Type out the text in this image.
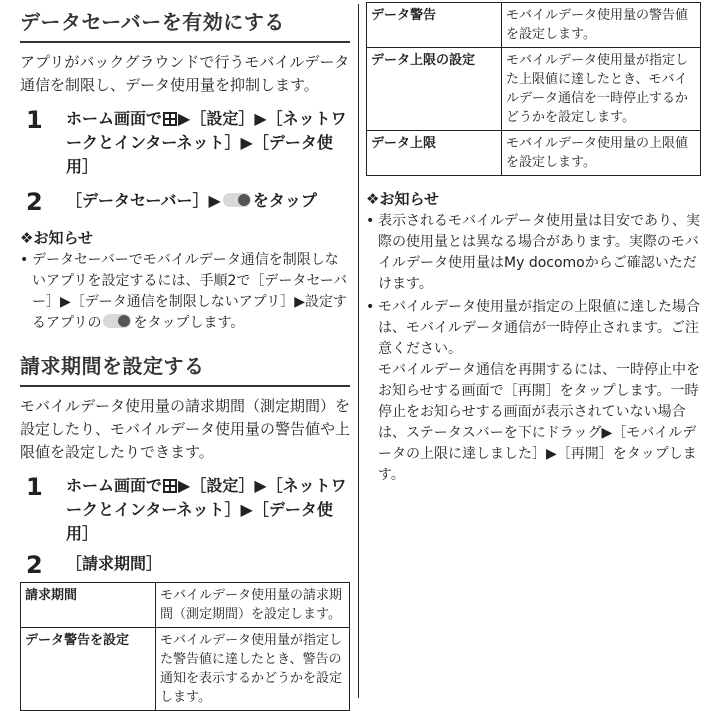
データセーバーを有効にする
アプリがバックグラウンドで行うモバイルデータ通信を制限し、データ使用量を抑制します。
1	ホーム画面で ▶［設定］▶［ネットワークとインターネット］▶［データ使用］
2	［データセーバー］▶ をタップ
❖お知らせ
• データセーバーでモバイルデータ通信を制限しないアプリを設定するには、手順2で［データセーバー］▶［データ通信を制限しないアプリ］▶設定するアプリの をタップします。
請求期間を設定する
モバイルデータ使用量の請求期間（測定期間）を設定したり、モバイルデータ使用量の警告値や上限値を設定したりできます。
1	ホーム画面で ▶［設定］▶［ネットワークとインターネット］▶［データ使用］
2	［請求期間］
請求期間	モバイルデータ使用量の請求期間（測定期間）を設定します。
データ警告を設定	モバイルデータ使用量が指定した警告値に達したとき、警告の通知を表示するかどうかを設定します。
データ警告	モバイルデータ使用量の警告値を設定します。
データ上限の設定	モバイルデータ使用量が指定した上限値に達したとき、モバイルデータ通信を一時停止するかどうかを設定します。
データ上限	モバイルデータ使用量の上限値を設定します。
❖お知らせ
• 表示されるモバイルデータ使用量は目安であり、実際の使用量とは異なる場合があります。実際のモバイルデータ使用量はMy docomoからご確認いただけます。
• モバイルデータ使用量が指定の上限値に達した場合は、モバイルデータ通信が一時停止されます。ご注意ください。
モバイルデータ通信を再開するには、一時停止中をお知らせする画面で［再開］をタップします。一時停止をお知らせする画面が表示されていない場合は、ステータスバーを下にドラッグ▶［モバイルデータの上限に達しました］▶［再開］をタップします。
